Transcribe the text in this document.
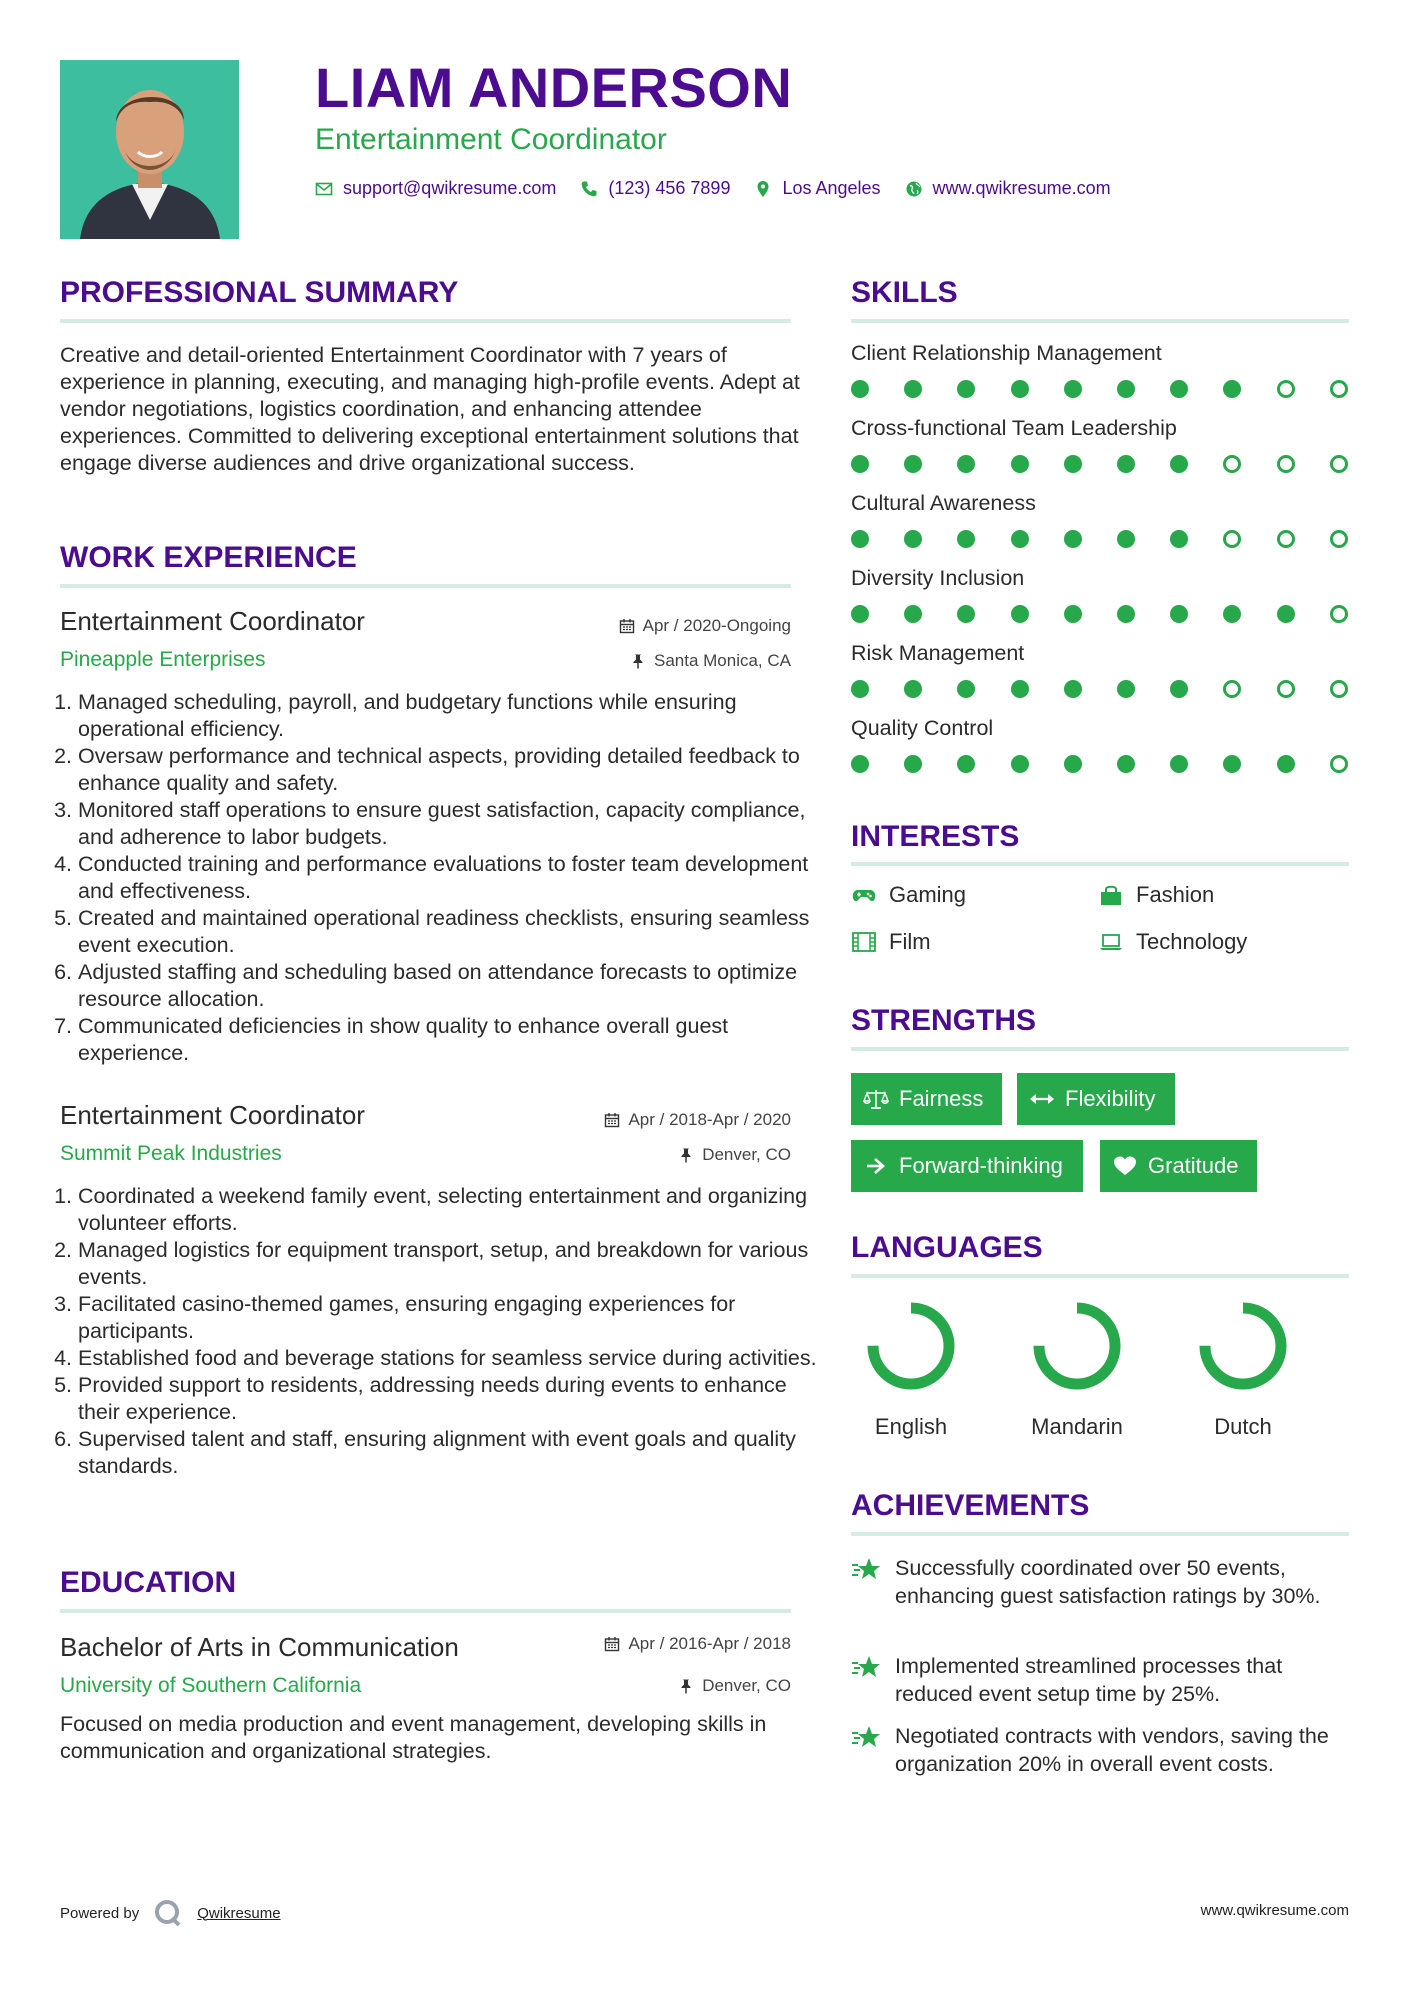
LIAM ANDERSON
Entertainment Coordinator
support@qwikresume.com	(123) 456 7899	Los Angeles	www.qwikresume.com
PROFESSIONAL SUMMARY
Creative and detail-oriented Entertainment Coordinator with 7 years of experience in planning, executing, and managing high-profile events. Adept at vendor negotiations, logistics coordination, and enhancing attendee experiences. Committed to delivering exceptional entertainment solutions that engage diverse audiences and drive organizational success.
WORK EXPERIENCE
Entertainment Coordinator	Apr / 2020-Ongoing
Pineapple Enterprises	Santa Monica, CA
1. Managed scheduling, payroll, and budgetary functions while ensuring operational efficiency.
2. Oversaw performance and technical aspects, providing detailed feedback to enhance quality and safety.
3. Monitored staff operations to ensure guest satisfaction, capacity compliance, and adherence to labor budgets.
4. Conducted training and performance evaluations to foster team development and effectiveness.
5. Created and maintained operational readiness checklists, ensuring seamless event execution.
6. Adjusted staffing and scheduling based on attendance forecasts to optimize resource allocation.
7. Communicated deficiencies in show quality to enhance overall guest experience.
Entertainment Coordinator	Apr / 2018-Apr / 2020
Summit Peak Industries	Denver, CO
1. Coordinated a weekend family event, selecting entertainment and organizing volunteer efforts.
2. Managed logistics for equipment transport, setup, and breakdown for various events.
3. Facilitated casino-themed games, ensuring engaging experiences for participants.
4. Established food and beverage stations for seamless service during activities.
5. Provided support to residents, addressing needs during events to enhance their experience.
6. Supervised talent and staff, ensuring alignment with event goals and quality standards.
EDUCATION
Bachelor of Arts in Communication	Apr / 2016-Apr / 2018
University of Southern California	Denver, CO
Focused on media production and event management, developing skills in communication and organizational strategies.
SKILLS
Client Relationship Management
Cross-functional Team Leadership
Cultural Awareness
Diversity Inclusion
Risk Management
Quality Control
INTERESTS
Gaming	Fashion
Film	Technology
STRENGTHS
Fairness	Flexibility
Forward-thinking	Gratitude
LANGUAGES
English	Mandarin	Dutch
ACHIEVEMENTS
Successfully coordinated over 50 events, enhancing guest satisfaction ratings by 30%.
Implemented streamlined processes that reduced event setup time by 25%.
Negotiated contracts with vendors, saving the organization 20% in overall event costs.
Powered by	Qwikresume	www.qwikresume.com
